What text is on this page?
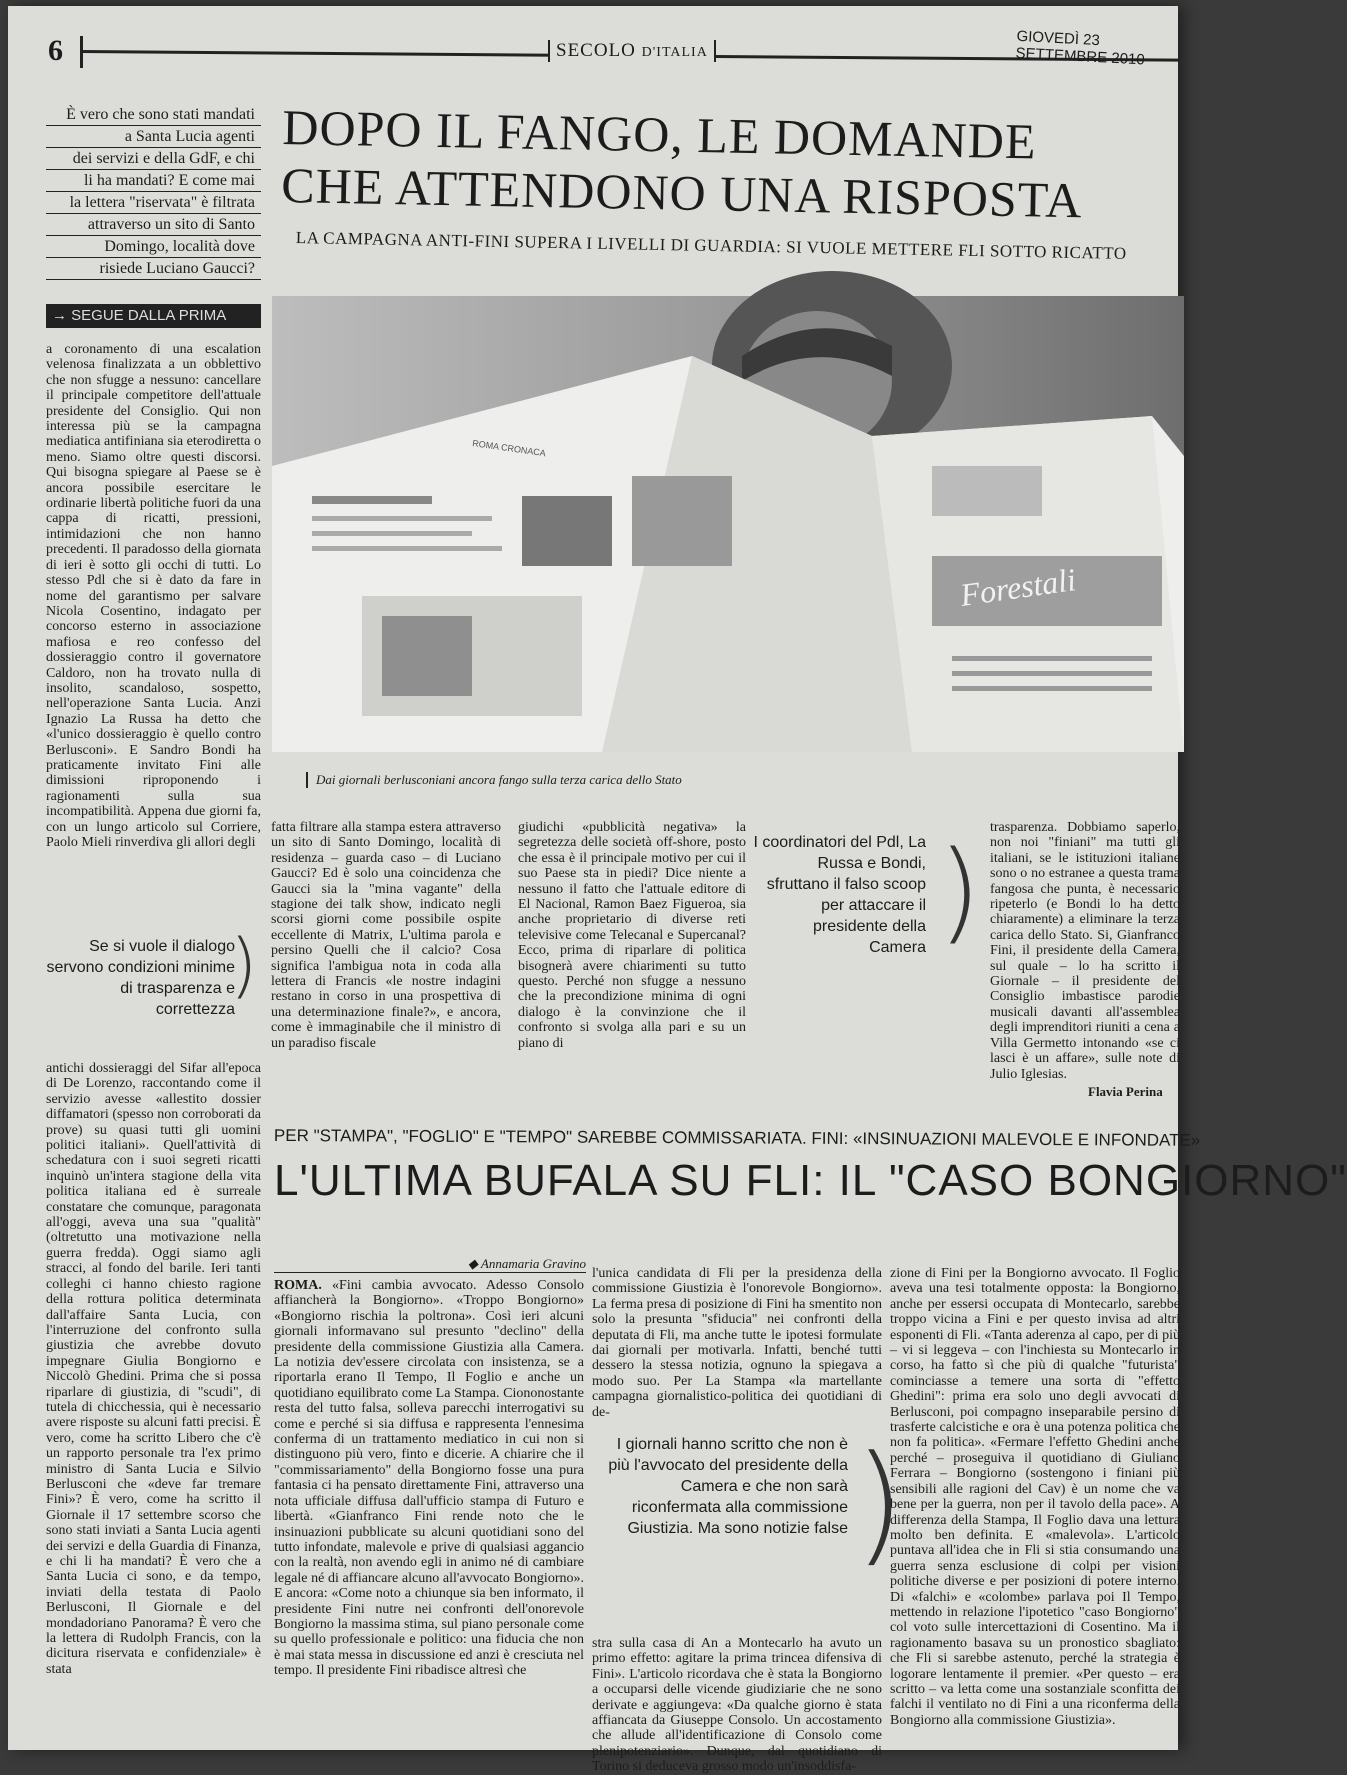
6	SECOLO D'ITALIA
GIOVEDÌ 23 SETTEMBRE 2010
È vero che sono stati mandati
a Santa Lucia agenti
dei servizi e della GdF, e chi
li ha mandati? E come mai
la lettera "riservata" è filtrata
attraverso un sito di Santo
Domingo, località dove
risiede Luciano Gaucci?
→ SEGUE DALLA PRIMA
DOPO IL FANGO, LE DOMANDE
CHE ATTENDONO UNA RISPOSTA
LA CAMPAGNA ANTI-FINI SUPERA I LIVELLI DI GUARDIA: SI VUOLE METTERE FLI SOTTO RICATTO
ROMA CRONACA
Forestali
Dai giornali berlusconiani ancora fango sulla terza carica dello Stato
a coronamento di una escalation velenosa finalizzata a un obblettivo che non sfugge a nessuno: cancellare il principale competitore dell'attuale presidente del Consiglio. Qui non interessa più se la campagna mediatica antifiniana sia eterodiretta o meno. Siamo oltre questi discorsi. Qui bisogna spiegare al Paese se è ancora possibile esercitare le ordinarie libertà politiche fuori da una cappa di ricatti, pressioni, intimidazioni che non hanno precedenti. Il paradosso della giornata di ieri è sotto gli occhi di tutti. Lo stesso Pdl che si è dato da fare in nome del garantismo per salvare Nicola Cosentino, indagato per concorso esterno in associazione mafiosa e reo confesso del dossieraggio contro il governatore Caldoro, non ha trovato nulla di insolito, scandaloso, sospetto, nell'operazione Santa Lucia. Anzi Ignazio La Russa ha detto che «l'unico dossieraggio è quello contro Berlusconi». E Sandro Bondi ha praticamente invitato Fini alle dimissioni riproponendo i ragionamenti sulla sua incompatibilità. Appena due giorni fa, con un lungo articolo sul Corriere, Paolo Mieli rinverdiva gli allori degli
Se si vuole il dialogo servono condizioni minime di trasparenza e correttezza
)
antichi dossieraggi del Sifar all'epoca di De Lorenzo, raccontando come il servizio avesse «allestito dossier diffamatori (spesso non corroborati da prove) su quasi tutti gli uomini politici italiani». Quell'attività di schedatura con i suoi segreti ricatti inquinò un'intera stagione della vita politica italiana ed è surreale constatare che comunque, paragonata all'oggi, aveva una sua "qualità" (oltretutto una motivazione nella guerra fredda). Oggi siamo agli stracci, al fondo del barile. Ieri tanti colleghi ci hanno chiesto ragione della rottura politica determinata dall'affaire Santa Lucia, con l'interruzione del confronto sulla giustizia che avrebbe dovuto impegnare Giulia Bongiorno e Niccolò Ghedini. Prima che si possa riparlare di giustizia, di "scudi", di tutela di chicchessia, qui è necessario avere risposte su alcuni fatti precisi. È vero, come ha scritto Libero che c'è un rapporto personale tra l'ex primo ministro di Santa Lucia e Silvio Berlusconi che «deve far tremare Fini»? È vero, come ha scritto il Giornale il 17 settembre scorso che sono stati inviati a Santa Lucia agenti dei servizi e della Guardia di Finanza, e chi li ha mandati? È vero che a Santa Lucia ci sono, e da tempo, inviati della testata di Paolo Berlusconi, Il Giornale e del mondadoriano Panorama? È vero che la lettera di Rudolph Francis, con la dicitura riservata e confidenziale» è stata
fatta filtrare alla stampa estera attraverso un sito di Santo Domingo, località di residenza – guarda caso – di Luciano Gaucci? Ed è solo una coincidenza che Gaucci sia la "mina vagante" della stagione dei talk show, indicato negli scorsi giorni come possibile ospite eccellente di Matrix, L'ultima parola e persino Quelli che il calcio? Cosa significa l'ambigua nota in coda alla lettera di Francis «le nostre indagini restano in corso in una prospettiva di una determinazione finale?», e ancora, come è immaginabile che il ministro di un paradiso fiscale
giudichi «pubblicità negativa» la segretezza delle società off-shore, posto che essa è il principale motivo per cui il suo Paese sta in piedi? Dice niente a nessuno il fatto che l'attuale editore di El Nacional, Ramon Baez Figueroa, sia anche proprietario di diverse reti televisive come Telecanal e Supercanal? Ecco, prima di riparlare di politica bisognerà avere chiarimenti su tutto questo. Perché non sfugge a nessuno che la precondizione minima di ogni dialogo è la convinzione che il confronto si svolga alla pari e su un piano di
I coordinatori del Pdl, La Russa e Bondi, sfruttano il falso scoop per attaccare il presidente della Camera ) trasparenza. Dobbiamo saperlo, non noi "finiani" ma tutti gli italiani, se le istituzioni italiane sono o no estranee a questa trama fangosa che punta, è necessario ripeterlo (e Bondi lo ha detto chiaramente) a eliminare la terza carica dello Stato. Si, Gianfranco Fini, il presidente della Camera, sul quale – lo ha scritto il Giornale – il presidente del Consiglio imbastisce parodie musicali davanti all'assemblea degli imprenditori riuniti a cena a Villa Germetto intonando «se ci lasci è un affare», sulle note di Julio Iglesias.
Flavia Perina
PER "STAMPA", "FOGLIO" E "TEMPO" SAREBBE COMMISSARIATA. FINI: «INSINUAZIONI MALEVOLE E INFONDATE»
L'ULTIMA BUFALA SU FLI: IL "CASO BONGIORNO"
◆ Annamaria Gravino
ROMA. «Fini cambia avvocato. Adesso Consolo affiancherà la Bongiorno». «Troppo Bongiorno» «Bongiorno rischia la poltrona». Così ieri alcuni giornali informavano sul presunto "declino" della presidente della commissione Giustizia alla Camera. La notizia dev'essere circolata con insistenza, se a riportarla erano Il Tempo, Il Foglio e anche un quotidiano equilibrato come La Stampa. Ciononostante resta del tutto falsa, solleva parecchi interrogativi su come e perché si sia diffusa e rappresenta l'ennesima conferma di un trattamento mediatico in cui non si distinguono più vero, finto e dicerie. A chiarire che il "commissariamento" della Bongiorno fosse una pura fantasia ci ha pensato direttamente Fini, attraverso una nota ufficiale diffusa dall'ufficio stampa di Futuro e libertà. «Gianfranco Fini rende noto che le insinuazioni pubblicate su alcuni quotidiani sono del tutto infondate, malevole e prive di qualsiasi aggancio con la realtà, non avendo egli in animo né di cambiare legale né di affiancare alcuno all'avvocato Bongiorno». E ancora: «Come noto a chiunque sia ben informato, il presidente Fini nutre nei confronti dell'onorevole Bongiorno la massima stima, sul piano personale come su quello professionale e politico: una fiducia che non è mai stata messa in discussione ed anzi è cresciuta nel tempo. Il presidente Fini ribadisce altresì che
l'unica candidata di Fli per la presidenza della commissione Giustizia è l'onorevole Bongiorno». La ferma presa di posizione di Fini ha smentito non solo la presunta "sfiducia" nei confronti della deputata di Fli, ma anche tutte le ipotesi formulate dai giornali per motivarla. Infatti, benché tutti dessero la stessa notizia, ognuno la spiegava a modo suo. Per La Stampa «la martellante campagna giornalistico-politica dei quotidiani di de-
I giornali hanno scritto che non è più l'avvocato del presidente della Camera e che non sarà riconfermata alla commissione Giustizia. Ma sono notizie false )
stra sulla casa di An a Montecarlo ha avuto un primo effetto: agitare la prima trincea difensiva di Fini». L'articolo ricordava che è stata la Bongiorno a occuparsi delle vicende giudiziarie che ne sono derivate e aggiungeva: «Da qualche giorno è stata affiancata da Giuseppe Consolo. Un accostamento che allude all'identificazione di Consolo come plenipotenziario». Dunque, dal quotidiano di Torino si deduceva grosso modo un'insoddisfa-
zione di Fini per la Bongiorno avvocato. Il Foglio aveva una tesi totalmente opposta: la Bongiorno, anche per essersi occupata di Montecarlo, sarebbe troppo vicina a Fini e per questo invisa ad altri esponenti di Fli. «Tanta aderenza al capo, per di più – vi si leggeva – con l'inchiesta su Montecarlo in corso, ha fatto sì che più di qualche "futurista" cominciasse a temere una sorta di "effetto Ghedini": prima era solo uno degli avvocati di Berlusconi, poi compagno inseparabile persino di trasferte calcistiche e ora è una potenza politica che non fa politica». «Fermare l'effetto Ghedini anche perché – proseguiva il quotidiano di Giuliano Ferrara – Bongiorno (sostengono i finiani più sensibili alle ragioni del Cav) è un nome che va bene per la guerra, non per il tavolo della pace». A differenza della Stampa, Il Foglio dava una lettura molto ben definita. E «malevola». L'articolo puntava all'idea che in Fli si stia consumando una guerra senza esclusione di colpi per visioni politiche diverse e per posizioni di potere interno. Di «falchi» e «colombe» parlava poi Il Tempo, mettendo in relazione l'ipotetico "caso Bongiorno" col voto sulle intercettazioni di Cosentino. Ma il ragionamento basava su un pronostico sbagliato: che Fli si sarebbe astenuto, perché la strategia è logorare lentamente il premier. «Per questo – era scritto – va letta come una sostanziale sconfitta dei falchi il ventilato no di Fini a una riconferma della Bongiorno alla commissione Giustizia».
